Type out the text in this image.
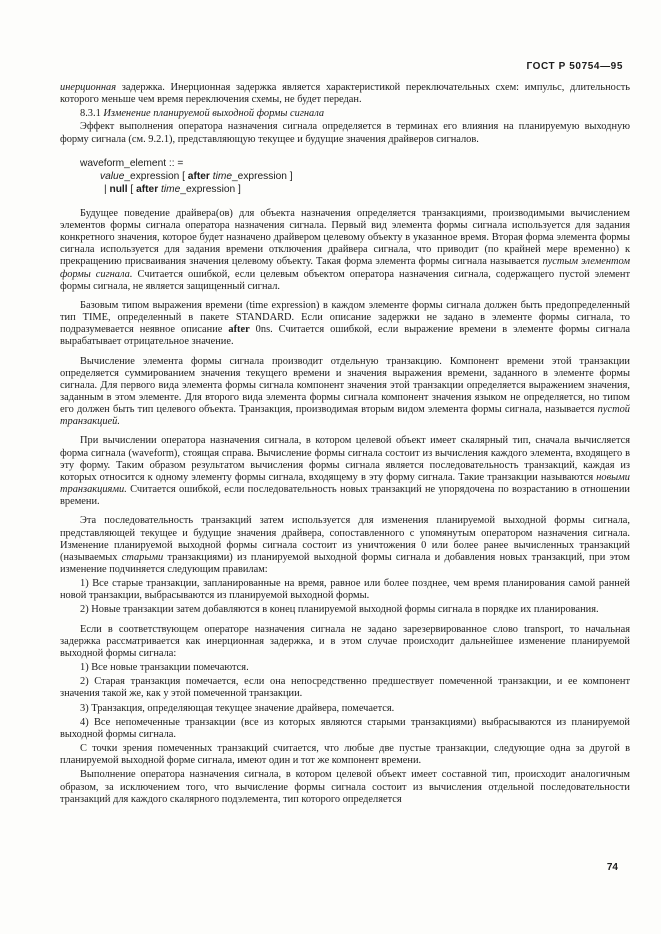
ГОСТ Р 50754—95

инерционная задержка. Инерционная задержка является характеристикой переключательных схем: импульс, длительность которого меньше чем время переключения схемы, не будет передан.

8.3.1 Изменение планируемой выходной формы сигнала

Эффект выполнения оператора назначения сигнала определяется в терминах его влияния на планируемую выходную форму сигнала (см. 9.2.1), представляющую текущее и будущие значения драйверов сигналов.

waveform_element :: =
value_expression [ after time_expression ]
| null [ after time_expression ]

Будущее поведение драйвера(ов) для объекта назначения определяется транзакциями, производимыми вычислением элементов формы сигнала оператора назначения сигнала. Первый вид элемента формы сигнала используется для задания конкретного значения, которое будет назначено драйвером целевому объекту в указанное время. Вторая форма элемента формы сигнала используется для задания времени отключения драйвера сигнала, что приводит (по крайней мере временно) к прекращению присваивания значения целевому объекту. Такая форма элемента формы сигнала называется пустым элементом формы сигнала. Считается ошибкой, если целевым объектом оператора назначения сигнала, содержащего пустой элемент формы сигнала, не является защищенный сигнал.

Базовым типом выражения времени (time expression) в каждом элементе формы сигнала должен быть предопределенный тип TIME, определенный в пакете STANDARD. Если описание задержки не задано в элементе формы сигнала, то подразумевается неявное описание after 0ns. Считается ошибкой, если выражение времени в элементе формы сигнала вырабатывает отрицательное значение.

Вычисление элемента формы сигнала производит отдельную транзакцию. Компонент времени этой транзакции определяется суммированием значения текущего времени и значения выражения времени, заданного в элементе формы сигнала. Для первого вида элемента формы сигнала компонент значения этой транзакции определяется выражением значения, заданным в этом элементе. Для второго вида элемента формы сигнала компонент значения языком не определяется, но типом его должен быть тип целевого объекта. Транзакция, производимая вторым видом элемента формы сигнала, называется пустой транзакцией.

При вычислении оператора назначения сигнала, в котором целевой объект имеет скалярный тип, сначала вычисляется форма сигнала (waveform), стоящая справа. Вычисление формы сигнала состоит из вычисления каждого элемента, входящего в эту форму. Таким образом результатом вычисления формы сигнала является последовательность транзакций, каждая из которых относится к одному элементу формы сигнала, входящему в эту форму сигнала. Такие транзакции называются новыми транзакциями. Считается ошибкой, если последовательность новых транзакций не упорядочена по возрастанию в отношении времени.

Эта последовательность транзакций затем используется для изменения планируемой выходной формы сигнала, представляющей текущее и будущие значения драйвера, сопоставленного с упомянутым оператором назначения сигнала. Изменение планируемой выходной формы сигнала состоит из уничтожения 0 или более ранее вычисленных транзакций (называемых старыми транзакциями) из планируемой выходной формы сигнала и добавления новых транзакций, при этом изменение подчиняется следующим правилам:

1) Все старые транзакции, запланированные на время, равное или более позднее, чем время планирования самой ранней новой транзакции, выбрасываются из планируемой выходной формы.

2) Новые транзакции затем добавляются в конец планируемой выходной формы сигнала в порядке их планирования.

Если в соответствующем операторе назначения сигнала не задано зарезервированное слово transport, то начальная задержка рассматривается как инерционная задержка, и в этом случае происходит дальнейшее изменение планируемой выходной формы сигнала:

1) Все новые транзакции помечаются.

2) Старая транзакция помечается, если она непосредственно предшествует помеченной транзакции, и ее компонент значения такой же, как у этой помеченной транзакции.

3) Транзакция, определяющая текущее значение драйвера, помечается.

4) Все непомеченные транзакции (все из которых являются старыми транзакциями) выбрасываются из планируемой выходной формы сигнала.

С точки зрения помеченных транзакций считается, что любые две пустые транзакции, следующие одна за другой в планируемой выходной форме сигнала, имеют один и тот же компонент времени.

Выполнение оператора назначения сигнала, в котором целевой объект имеет составной тип, происходит аналогичным образом, за исключением того, что вычисление формы сигнала состоит из вычисления отдельной последовательности транзакций для каждого скалярного подэлемента, тип которого определяется

74
